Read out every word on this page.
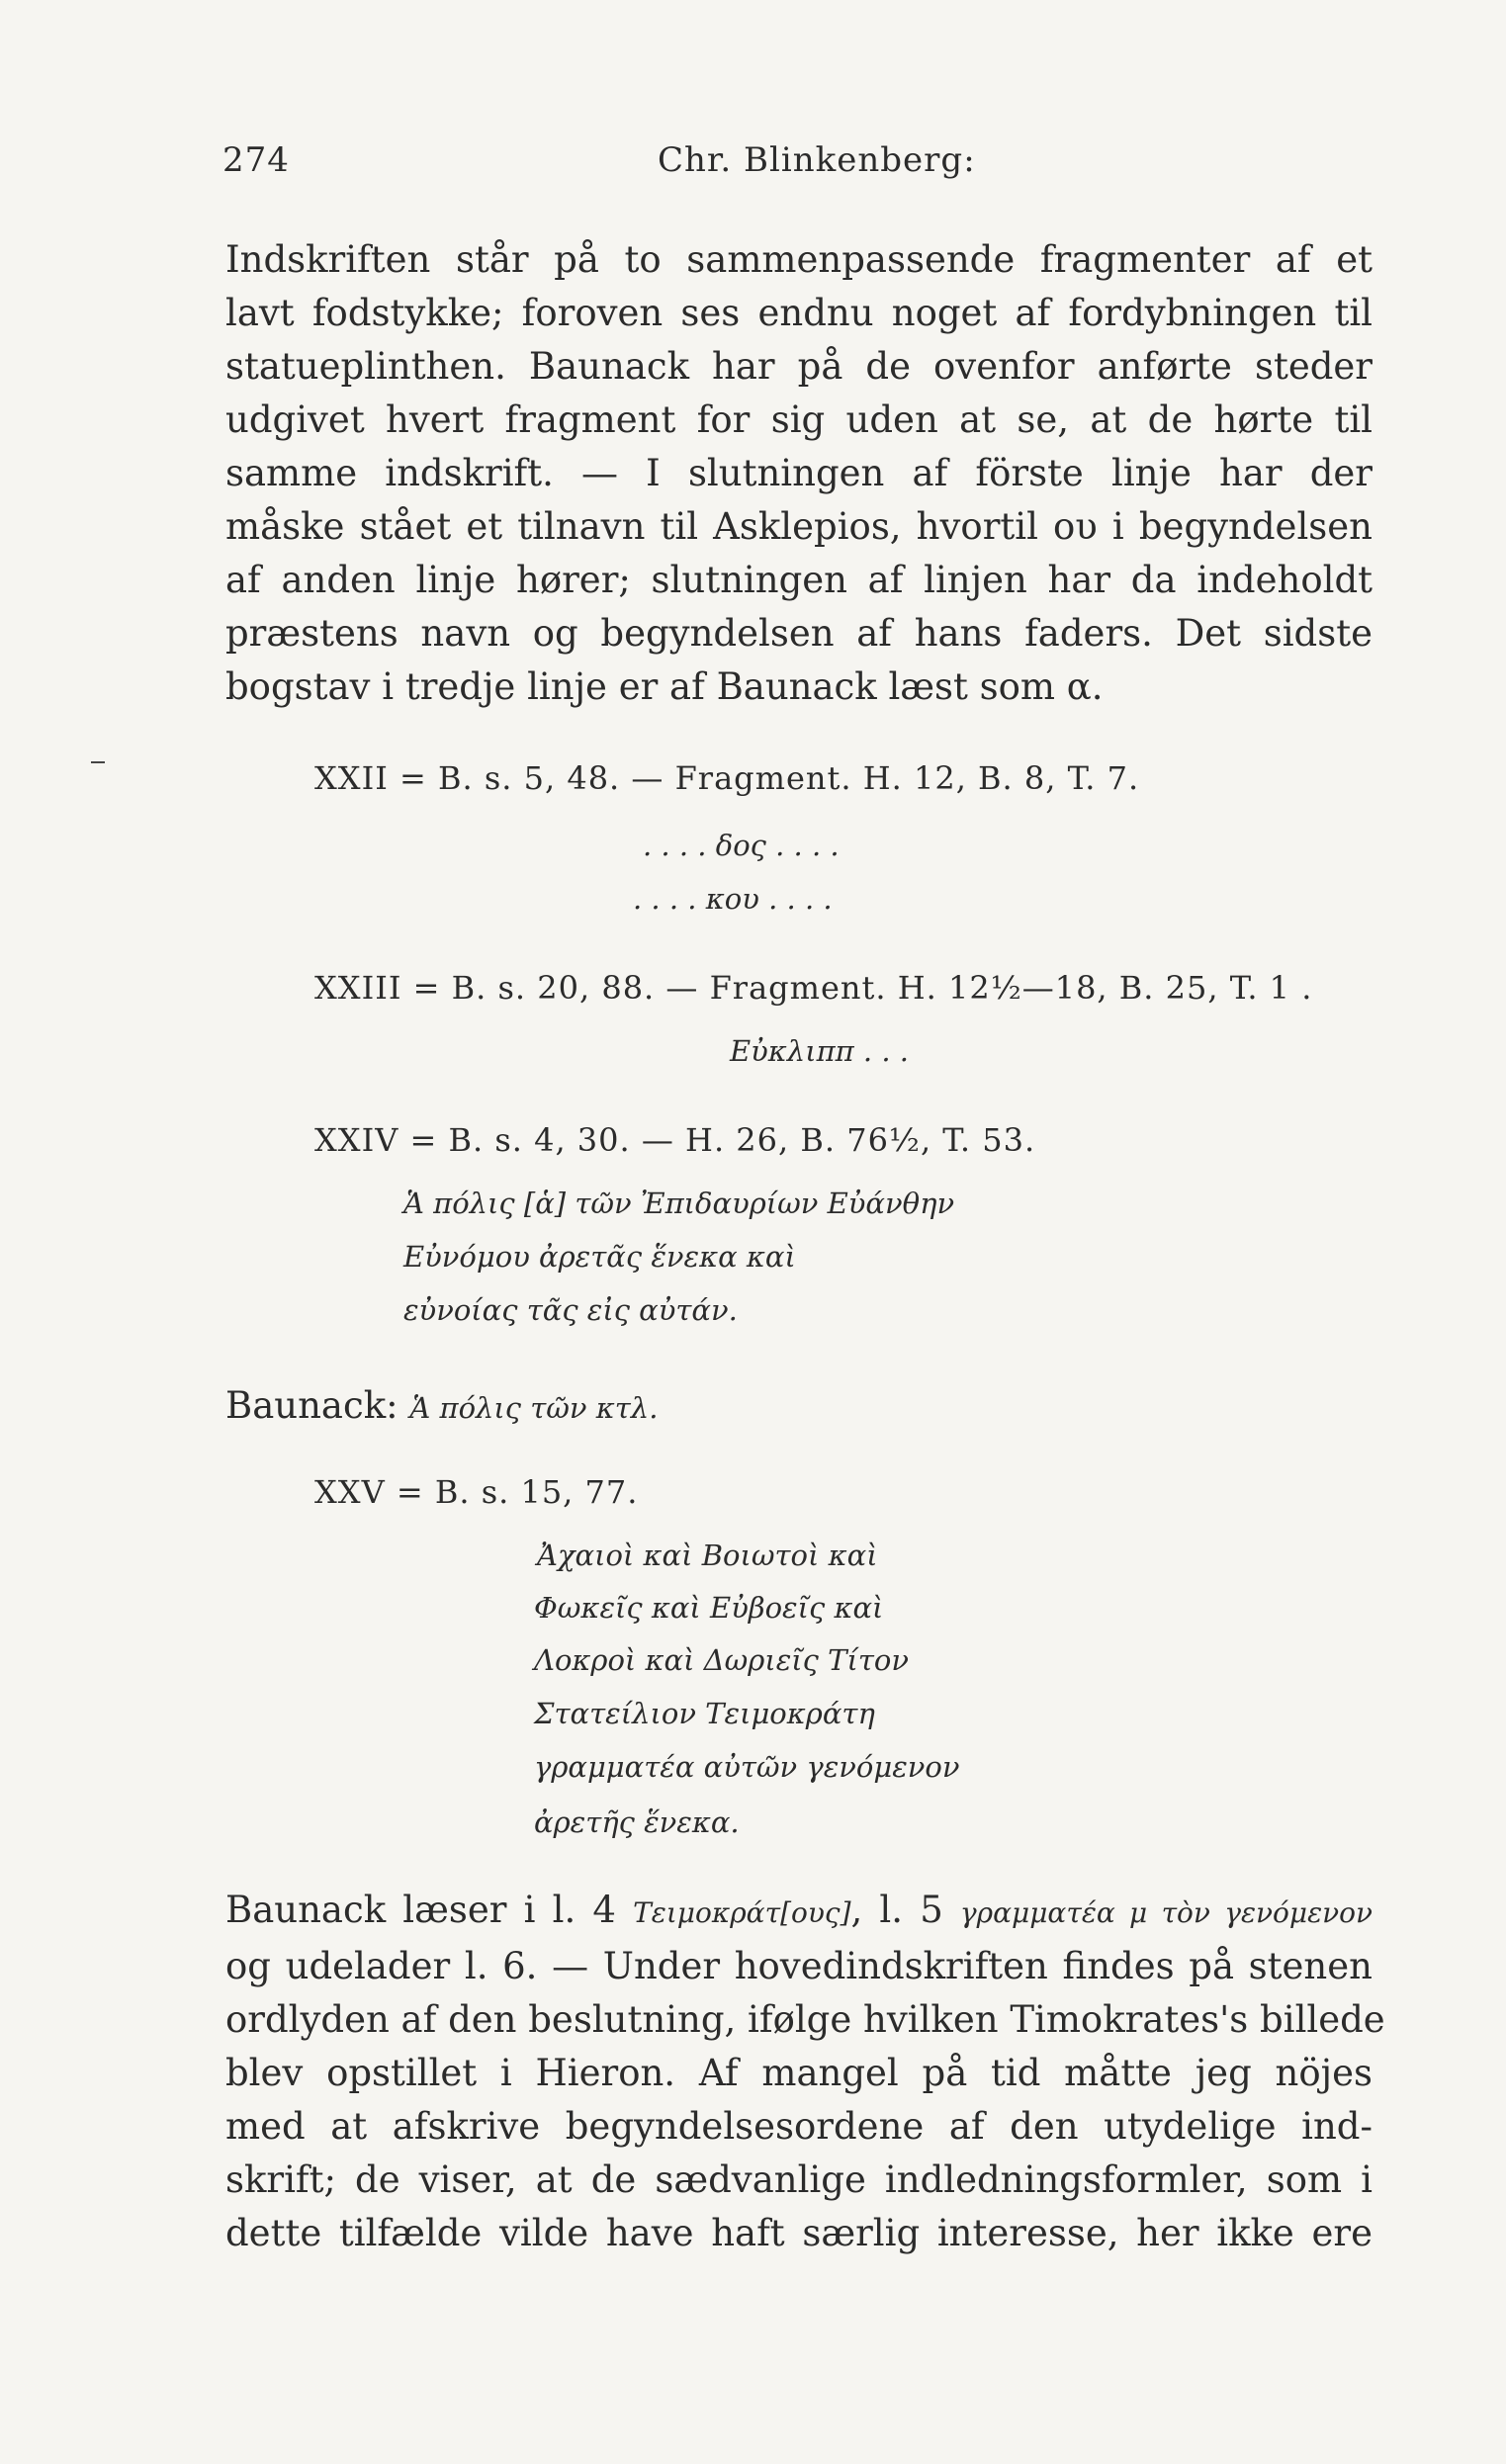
274	Chr. Blinkenberg:

Indskriften står på to sammenpassende fragmenter af et
lavt fodstykke; foroven ses endnu noget af fordybningen til
statueplinthen. Baunack har på de ovenfor anførte steder
udgivet hvert fragment for sig uden at se, at de hørte til
samme indskrift. — I slutningen af förste linje har der
måske stået et tilnavn til Asklepios, hvortil ου i begyndelsen
af anden linje hører; slutningen af linjen har da indeholdt
præstens navn og begyndelsen af hans faders. Det sidste
bogstav i tredje linje er af Baunack læst som α.

XXII = B. s. 5, 48. — Fragment. H. 12, B. 8, T. 7.
. . . . δος . . . .
. . . . κου . . . .
XXIII = B. s. 20, 88. — Fragment. H. 12½—18, B. 25, T. 1 .
Εὐκλιππ . . .
XXIV = B. s. 4, 30. — H. 26, B. 76½, T. 53.
Ἁ πόλις [ἁ] τῶν Ἐπιδαυρίων Εὐάνθην
Εὐνόμου ἀρετᾶς ἕνεκα καὶ
εὐνοίας τᾶς εἰς αὐτάν.
Baunack: Ἁ πόλις τῶν κτλ.
XXV = B. s. 15, 77.
Ἀχαιοὶ καὶ Βοιωτοὶ καὶ
Φωκεῖς καὶ Εὐβοεῖς καὶ
Λοκροὶ καὶ Δωριεῖς Τίτον
Στατείλιον Τειμοκράτη
γραμματέα αὐτῶν γενόμενον
ἀρετῆς ἕνεκα.

Baunack læser i l. 4 Τειμοκράτ[ους], l. 5 γραμματέα μ τὸν γενόμενον
og udelader l. 6. — Under hovedindskriften findes på stenen
ordlyden af den beslutning, ifølge hvilken Timokrates's billede
blev opstillet i Hieron. Af mangel på tid måtte jeg nöjes
med at afskrive begyndelsesordene af den utydelige ind-
skrift; de viser, at de sædvanlige indledningsformler, som i
dette tilfælde vilde have haft særlig interesse, her ikke ere
